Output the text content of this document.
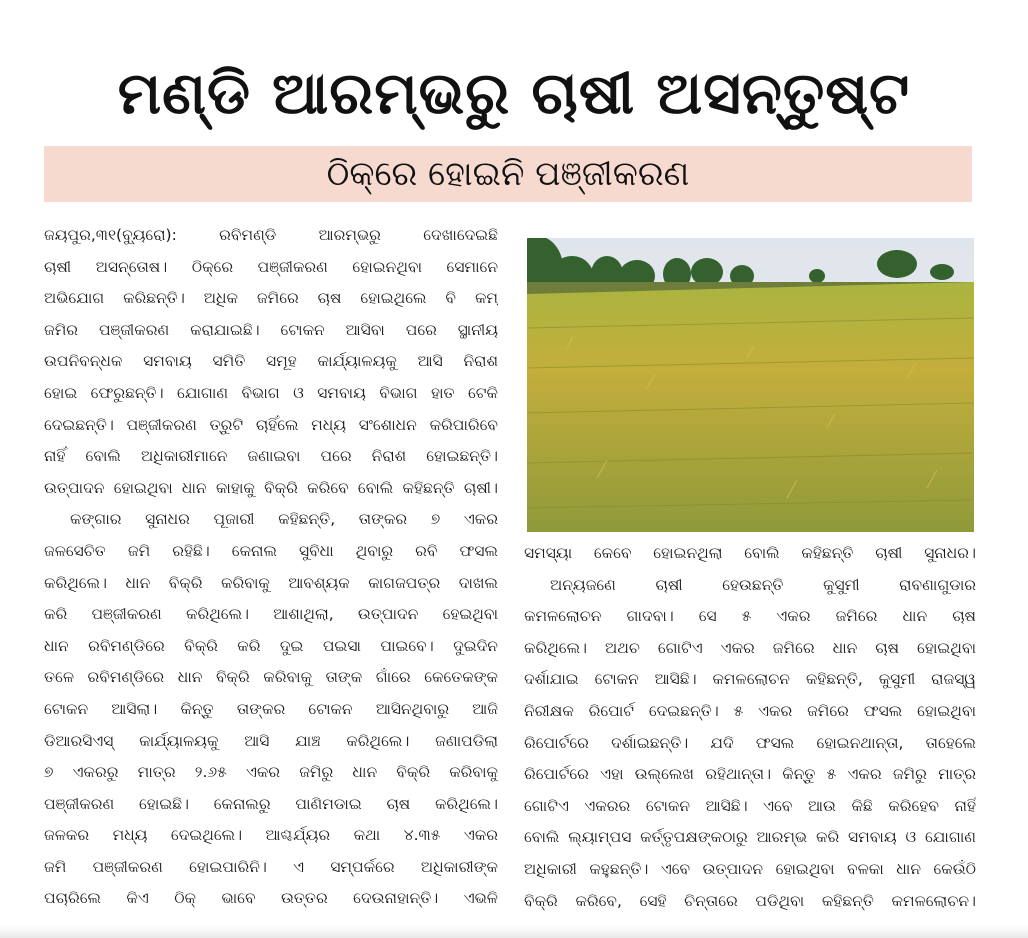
ମଣ୍ଡି ଆରମ୍ଭରୁ ଚାଷୀ ଅସନ୍ତୁଷ୍ଟ
ଠିକ୍‌ରେ ହୋଇନି ପଞ୍ଜୀକରଣ
ଜୟପୁର,୩୧(ବ୍ୟୁରୋ): ରବିମଣ୍ଡି ଆରମ୍ଭରୁ ଦେଖାଦେଇଛି
ଚାଷୀ ଅସନ୍ତୋଷ। ଠିକ୍‌ରେ ପଞ୍ଜୀକରଣ ହୋଇନଥିବା ସେମାନେ
ଅଭିଯୋଗ କରିଛନ୍ତି। ଅଧିକ ଜମିରେ ଚାଷ ହୋଇଥିଲେ ବି କମ୍
ଜମିର ପଞ୍ଜୀକରଣ କରାଯାଇଛି। ଟୋକନ ଆସିବା ପରେ ସ୍ଥାନୀୟ
ଉପନିବନ୍ଧକ ସମବାୟ ସମିତି ସମୂହ କାର୍ଯ୍ୟାଳୟକୁ ଆସି ନିରାଶ
ହୋଇ ଫେରୁଛନ୍ତି। ଯୋଗାଣ ବିଭାଗ ଓ ସମବାୟ ବିଭାଗ ହାତ ଟେକି
ଦେଇଛନ୍ତି। ପଞ୍ଜୀକରଣ ତ୍ରୁଟି ଚାହିଁଲେ ମଧ୍ୟ ସଂଶୋଧନ କରିପାରିବେ
ନାହିଁ ବୋଲି ଅଧିକାରୀମାନେ ଜଣାଇବା ପରେ ନିରାଶ ହୋଇଛନ୍ତି।
ଉତ୍ପାଦନ ହୋଇଥିବା ଧାନ କାହାକୁ ବିକ୍ରି କରିବେ ବୋଲି କହିଛନ୍ତି ଚାଷୀ।
କଙ୍ଗାର ସୁନାଧର ପୂଜାରୀ କହିଛନ୍ତି, ତାଙ୍କର ୭ ଏକର
ଜଳସେଚିତ ଜମି ରହିଛି। କେନାଲ ସୁବିଧା ଥିବାରୁ ରବି ଫସଲ
କରିଥିଲେ। ଧାନ ବିକ୍ରି କରିବାକୁ ଆବଶ୍ୟକ କାଗଜପତ୍ର ଦାଖଲ
କରି ପଞ୍ଜୀକରଣ କରିଥିଲେ। ଆଶାଥିଲା, ଉତ୍ପାଦନ ହେଇଥିବା
ଧାନ ରବିମଣ୍ଡିରେ ବିକ୍ରି କରି ଦୁଇ ପଇସା ପାଇବେ। ଦୁଇଦିନ
ତଳେ ରବିମଣ୍ଡିରେ ଧାନ ବିକ୍ରି କରିବାକୁ ତାଙ୍କ ଗାଁରେ କେତେକଙ୍କ
ଟୋକନ ଆସିଲା। କିନ୍ତୁ ତାଙ୍କର ଟୋକନ ଆସିନଥିବାରୁ ଆଜି
ଡିଆରସିଏସ୍ କାର୍ଯ୍ୟାଳୟକୁ ଆସି ଯାଞ୍ଚ କରିଥିଲେ। ଜଣାପଡିଲା
୭ ଏକରରୁ ମାତ୍ର ୨.୬୫ ଏକର ଜମିରୁ ଧାନ ବିକ୍ରି କରିବାକୁ
ପଞ୍ଜୀକରଣ ହୋଇଛି। କେନାଲରୁ ପାଣିମଡାଇ ଚାଷ କରିଥିଲେ।
ଜଳକର ମଧ୍ୟ ଦେଇଥିଲେ। ଆଶ୍ଚର୍ଯ୍ୟର କଥା ୪.୩୫ ଏକର
ଜମି ପଞ୍ଜୀକରଣ ହୋଇପାରିନି। ଏ ସମ୍ପର୍କରେ ଅଧିକାରୀଙ୍କ
ପଚାରିଲେ କିଏ ଠିକ୍ ଭାବେ ଉତ୍ତର ଦେଉନାହାନ୍ତି। ଏଭଳି
ସମସ୍ୟା କେବେ ହୋଇନଥିଲା ବୋଲି କହିଛନ୍ତି ଚାଷୀ ସୁନାଧର।
ଅନ୍ୟଜଣେ ଚାଷୀ ହେଉଛନ୍ତି କୁସୁମୀ ରାବଣାଗୁଡାର
କମଳଲୋଚନ ଗାଦବା। ସେ ୫ ଏକର ଜମିରେ ଧାନ ଚାଷ
କରିଥିଲେ। ଅଥଚ ଗୋଟିଏ ଏକର ଜମିରେ ଧାନ ଚାଷ ହୋଇଥିବା
ଦର୍ଶାଯାଇ ଟୋକନ ଆସିଛି। କମଳଲୋଚନ କହିଛନ୍ତି, କୁସୁମୀ ରାଜସ୍ୱ
ନିରୀକ୍ଷକ ରିପୋର୍ଟ ଦେଇଛନ୍ତି। ୫ ଏକର ଜମିରେ ଫସଲ ହୋଇଥିବା
ରିପୋର୍ଟରେ ଦର୍ଶାଇଛନ୍ତି। ଯଦି ଫସଲ ହୋଇନଥାନ୍ତା, ତାହେଲେ
ରିପୋର୍ଟରେ ଏହା ଉଲ୍ଲେଖ ରହିଥାନ୍ତା। କିନ୍ତୁ ୫ ଏକର ଜମିରୁ ମାତ୍ର
ଗୋଟିଏ ଏକରର ଟୋକନ ଆସିଛି। ଏବେ ଆଉ କିଛି କରିହେବ ନାହିଁ
ବୋଲି ଲ୍ୟାମ୍ପସ କର୍ତ୍ତୃପକ୍ଷଙ୍କଠାରୁ ଆରମ୍ଭ କରି ସମବାୟ ଓ ଯୋଗାଣ
ଅଧିକାରୀ କହୁଛନ୍ତି। ଏବେ ଉତ୍ପାଦନ ହୋଇଥିବା ବଳକା ଧାନ କେଉଁଠି
ବିକ୍ରି କରିବେ, ସେହି ଚିନ୍ତାରେ ପଡିଥିବା କହିଛନ୍ତି କମଳଲୋଚନ।
